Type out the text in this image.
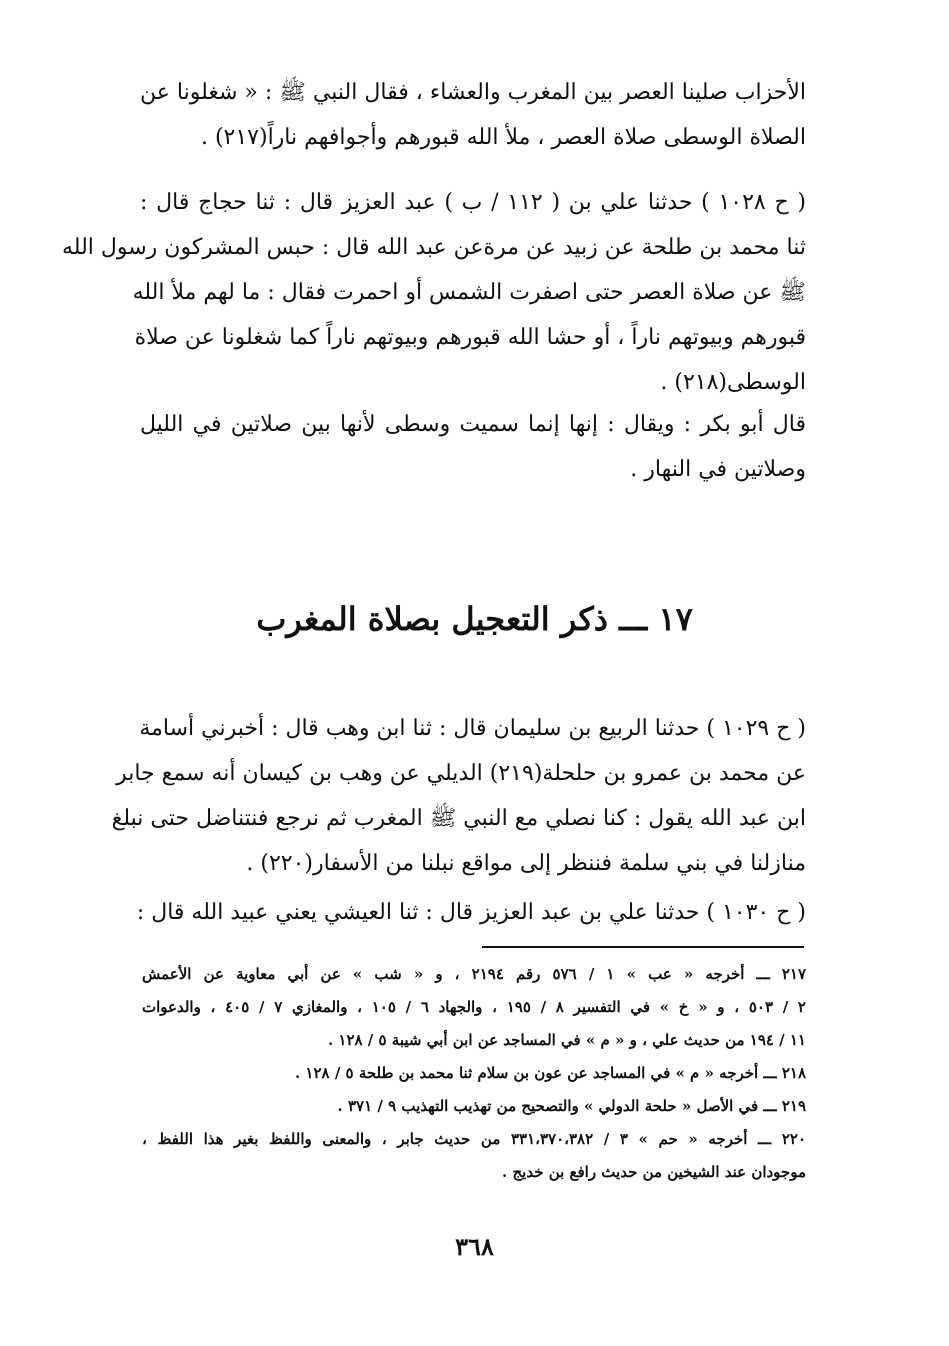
الأحزاب صلينا العصر بين المغرب والعشاء ، فقال النبي ﷺ : « شغلونا عن
الصلاة الوسطى صلاة العصر ، ملأ الله قبورهم وأجوافهم ناراً(٢١٧) .
( ح ١٠٢٨ ) حدثنا علي بن ( ١١٢ / ب ) عبد العزيز قال : ثنا حجاج قال :
ثنا محمد بن طلحة عن زبيد عن مرةعن عبد الله قال : حبس المشركون رسول الله
ﷺ عن صلاة العصر حتى اصفرت الشمس أو احمرت فقال : ما لهم ملأ الله
قبورهم وبيوتهم ناراً ، أو حشا الله قبورهم وبيوتهم ناراً كما شغلونا عن صلاة
الوسطى(٢١٨) .
قال أبو بكر : ويقال : إنها إنما سميت وسطى لأنها بين صلاتين في الليل
وصلاتين في النهار .
١٧ ـــ ذكر التعجيل بصلاة المغرب
( ح ١٠٢٩ ) حدثنا الربيع بن سليمان قال : ثنا ابن وهب قال : أخبرني أسامة
عن محمد بن عمرو بن حلحلة(٢١٩) الديلي عن وهب بن كيسان أنه سمع جابر
ابن عبد الله يقول : كنا نصلي مع النبي ﷺ المغرب ثم نرجع فنتناضل حتى نبلغ
منازلنا في بني سلمة فننظر إلى مواقع نبلنا من الأسفار(٢٢٠) .
( ح ١٠٣٠ ) حدثنا علي بن عبد العزيز قال : ثنا العيشي يعني عبيد الله قال :
٢١٧ ـــ أخرجه « عب » ١ / ٥٧٦ رقم ٢١٩٤ ، و « شب » عن أبي معاوية عن الأعمش
٢ / ٥٠٣ ، و « خ » في التفسير ٨ / ١٩٥ ، والجهاد ٦ / ١٠٥ ، والمغازي ٧ / ٤٠٥ ، والدعوات
١١ / ١٩٤ من حديث علي ، و « م » في المساجد عن ابن أبي شيبة ٥ / ١٢٨ .
٢١٨ ـــ أخرجه « م » في المساجد عن عون بن سلام ثنا محمد بن طلحة ٥ / ١٢٨ .
٢١٩ ـــ في الأصل « حلحة الدولي » والتصحيح من تهذيب التهذيب ٩ / ٣٧١ .
٢٢٠ ـــ أخرجه « حم » ٣ / ٣٣١،٣٧٠،٣٨٢ من حديث جابر ، والمعنى واللفظ بغير هذا اللفظ ،
موجودان عند الشيخين من حديث رافع بن خديج .
٣٦٨
